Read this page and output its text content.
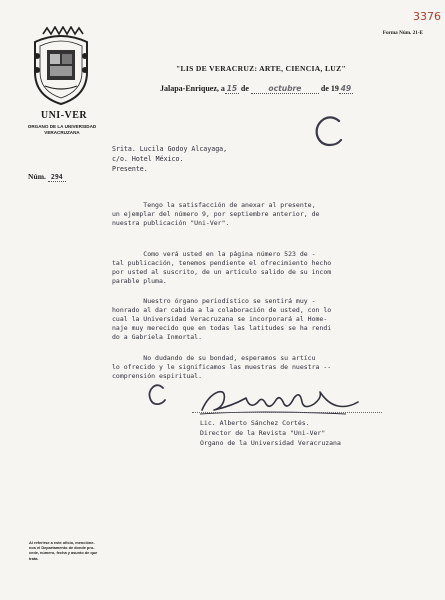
UNI-VER
ORGANO DE LA UNIVERSIDAD
VERACRUZANA
3376
Forma Núm. 21-E
"LIS DE VERACRUZ: ARTE, CIENCIA, LUZ"
Jalapa-Enriquez, a 15 de	octubre de 19 49
Srita. Lucila Godoy Alcayaga,
c/o. Hotel México.
Presente.
Núm. 294
Tengo la satisfacción de anexar al presente,
un ejemplar del número 9, por septiembre anterior, de
nuestra publicación "Uni-Ver".
Como verá usted en la página número 523 de -
tal publicación, tenemos pendiente el ofrecimiento hecho
por usted al suscrito, de un artículo salido de su incom
parable pluma.
Nuestro órgano periodístico se sentirá muy -
honrado al dar cabida a la colaboración de usted, con lo
cual la Universidad Veracruzana se incorporará al Home-
naje muy merecido que en todas las latitudes se ha rendi
do a Gabriela Inmortal.
No dudando de su bondad, esperamos su artícu
lo ofrecido y le significamos las muestras de nuestra --
comprensión espiritual.
Lic. Alberto Sánchez Cortés.
Director de la Revista "Uni-Ver"
Organo de la Universidad Veracruzana
Al referirse a este oficio, mencióne-
nos el Departamento de donde pro-
cede, número, fecha y asunto de que
trata.
